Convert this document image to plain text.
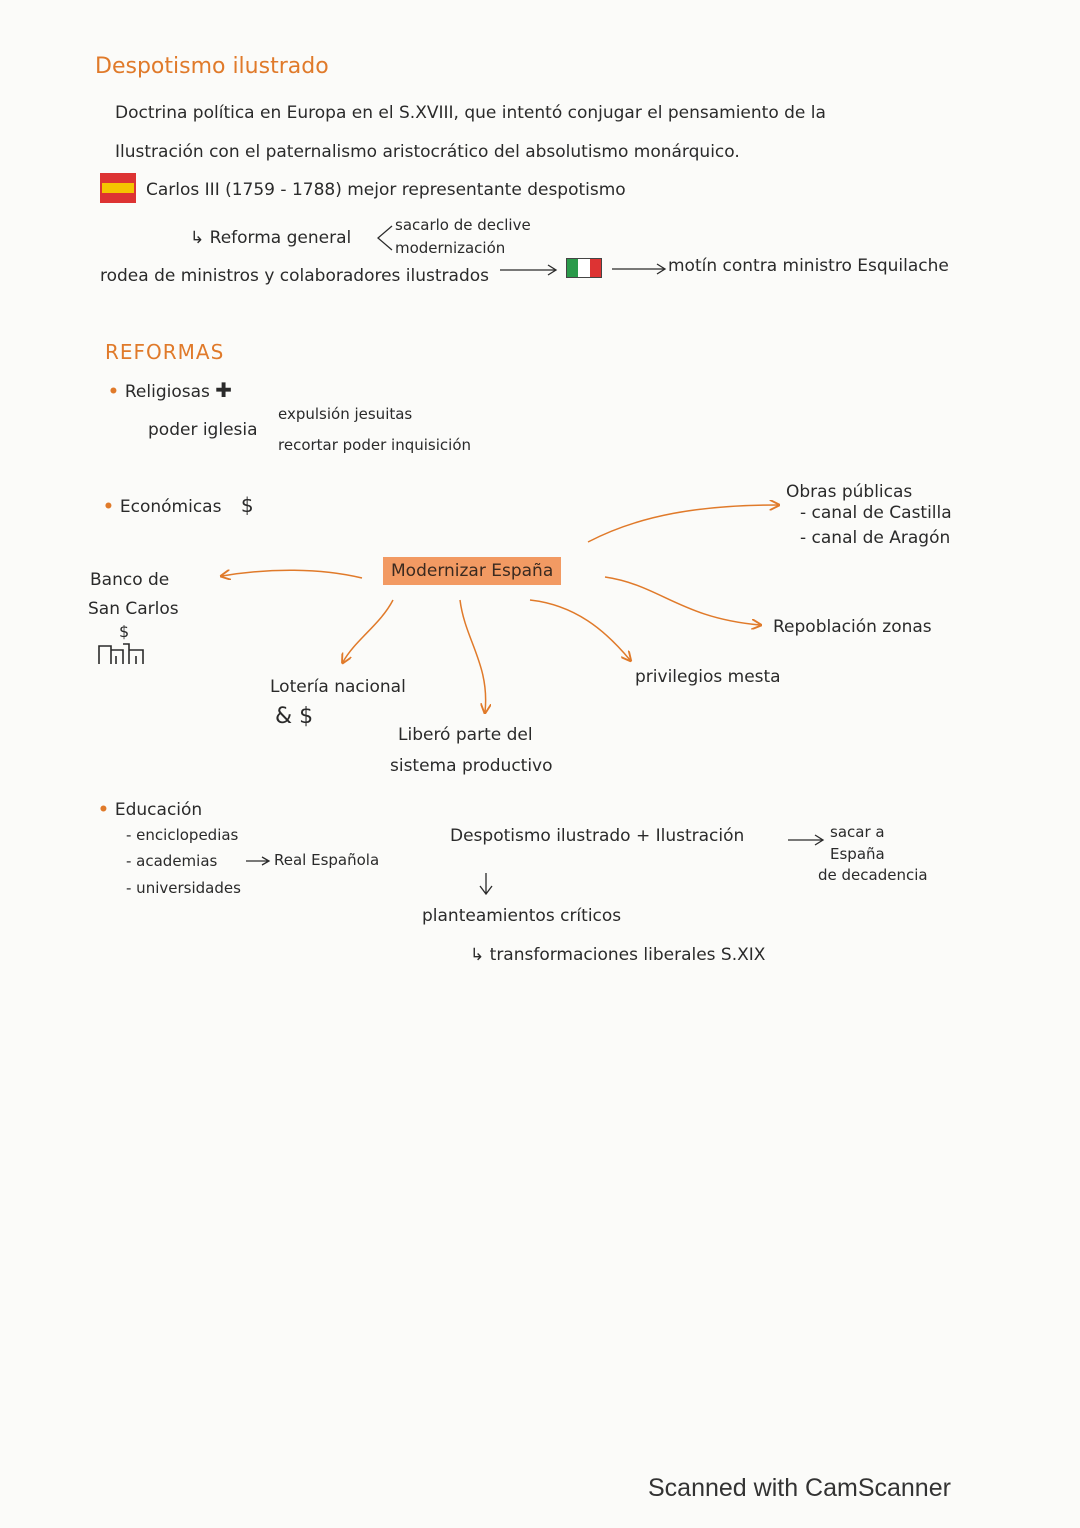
Despotismo ilustrado
Doctrina política en Europa en el S.XVIII, que intentó conjugar el pensamiento de la
Ilustración con el paternalismo aristocrático del absolutismo monárquico.
Carlos III (1759 - 1788) mejor representante despotismo
↳ Reforma general
sacarlo de declive
modernización
rodea de ministros y colaboradores ilustrados	motín contra ministro Esquilache
REFORMAS
• Religiosas ✚
poder iglesia
expulsión jesuitas
recortar poder inquisición
• Económicas $
Modernizar España
Obras públicas
- canal de Castilla
- canal de Aragón
Repoblación zonas
privilegios mesta
Liberó parte del
sistema productivo
Lotería nacional
& $
Banco de
San Carlos
$
• Educación
- enciclopedias
- academias	Real Española
- universidades
Despotismo ilustrado + Ilustración	sacar a
España
de decadencia
planteamientos críticos
↳ transformaciones liberales S.XIX
Scanned with CamScanner
